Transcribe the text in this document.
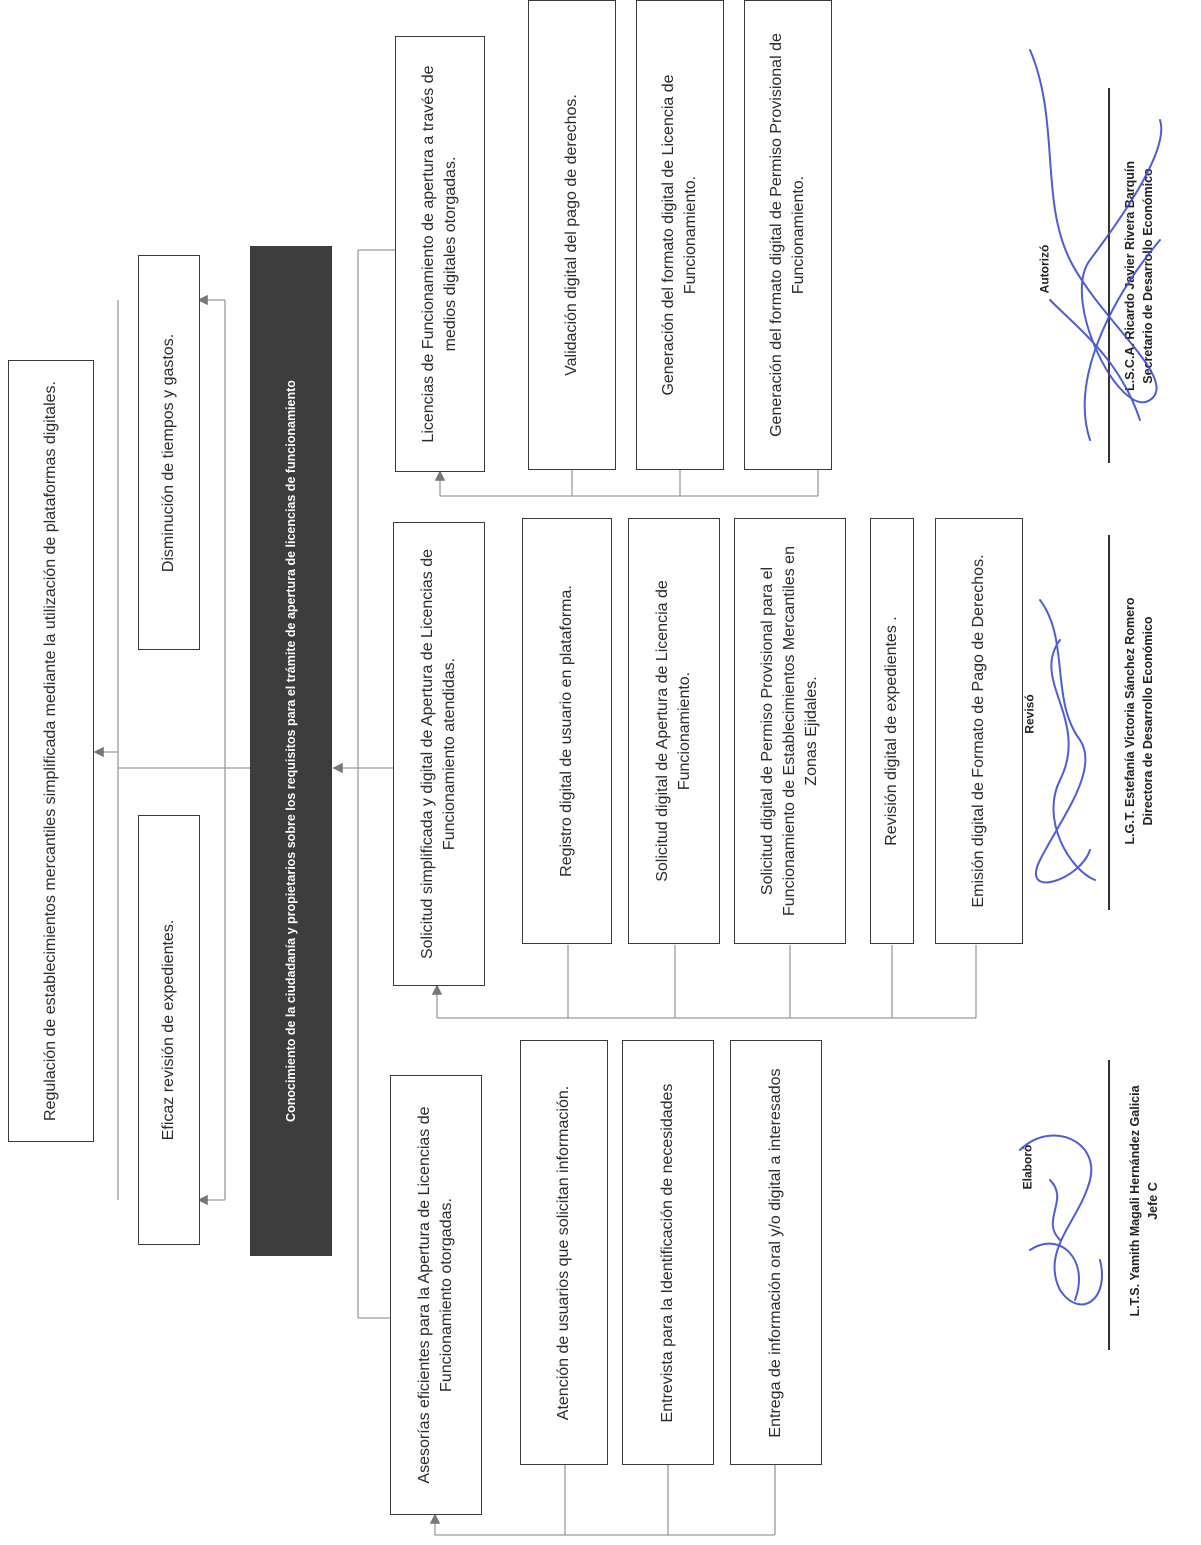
Regulación de establecimientos mercantiles simplificada mediante la utilización de plataformas digitales.	Disminución de tiempos y gastos.
Eficaz revisión de expedientes.	Conocimiento de la ciudadanía y propietarios sobre los requisitos para el trámite de apertura de licencias de funcionamiento
Licencias de Funcionamiento de apertura a través de medios digitales otorgadas.
Solicitud simplificada y digital de Apertura de Licencias de Funcionamiento atendidas.
Asesorías eficientes para la Apertura de Licencias de Funcionamiento otorgadas.
Validación digital del pago de derechos.	Generación del formato digital de Licencia de Funcionamiento.	Generación del formato digital de Permiso Provisional de Funcionamiento.
Registro digital de usuario en plataforma.	Solicitud digital de Apertura de Licencia de Funcionamiento.	Solicitud digital de Permiso Provisional para el Funcionamiento de Establecimientos Mercantiles en Zonas Ejidales.	Revisión digital de expedientes .	Emisión digital de Formato de Pago de Derechos.
Atención de usuarios que solicitan información.	Entrevista para la Identificación de necesidades	Entrega de información oral y/o digital a interesados
Autorizó	L.S.C.A. Ricardo Javier Rivera Barquín Secretario de Desarrollo Económico
Revisó	L.G.T. Estefanía Victoria Sánchez Romero Directora de Desarrollo Económico
Elaboró	L.T.S. Yamith Magali Hernández Galicia Jefe C
